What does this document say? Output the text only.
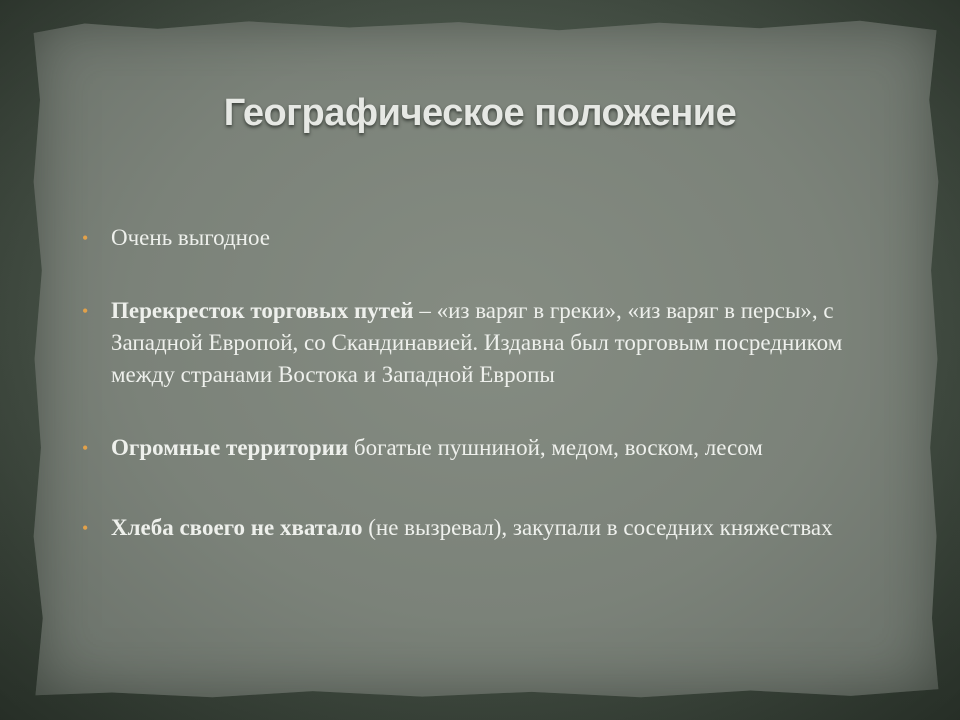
Географическое положение
• Очень выгодное
• Перекресток торговых путей – «из варяг в греки», «из варяг в персы», с Западной Европой, со Скандинавией. Издавна был торговым посредником между странами Востока и Западной Европы
• Огромные территории богатые пушниной, медом, воском, лесом
• Хлеба своего не хватало (не вызревал), закупали в соседних княжествах
